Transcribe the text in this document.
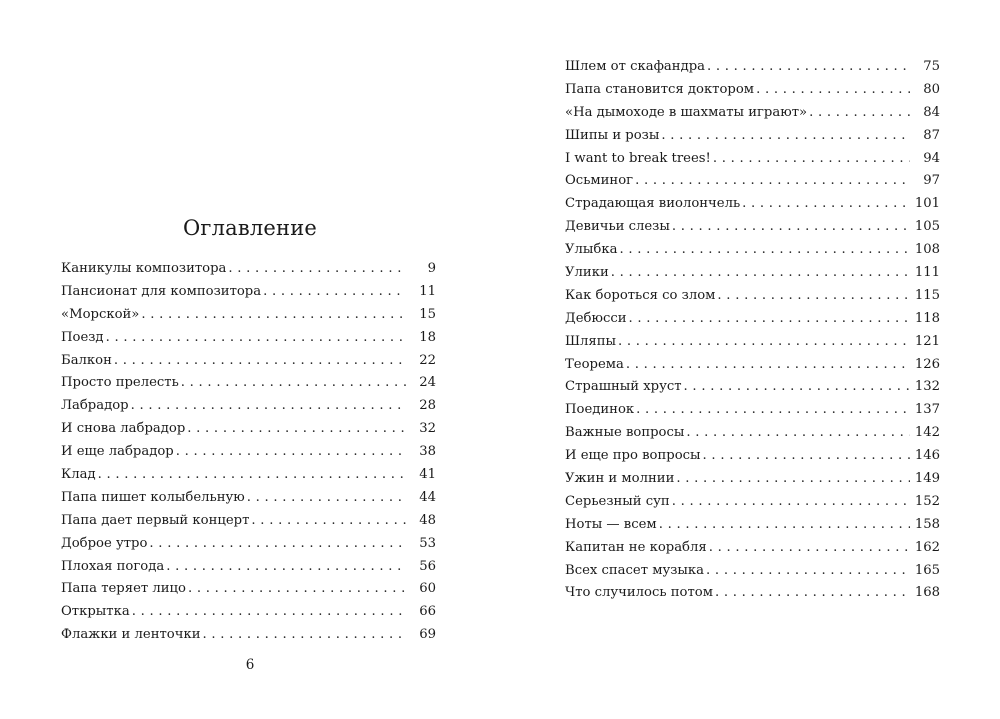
Оглавление
Каникулы композитора . . .	9
Пансионат для композитора . . .	11
«Морской» . . .	15
Поезд . . .	18
Балкон . . .	22
Просто прелесть . . .	24
Лабрадор . . .	28
И снова лабрадор . . .	32
И еще лабрадор . . .	38
Клад . . .	41
Папа пишет колыбельную . . .	44
Папа дает первый концерт . . .	48
Доброе утро . . .	53
Плохая погода . . .	56
Папа теряет лицо . . .	60
Открытка . . .	66
Флажки и ленточки . . .	69
6
Шлем от скафандра . . .	75
Папа становится доктором . . .	80
«На дымоходе в шахматы играют» . . .	84
Шипы и розы . . .	87
I want to break trees! . . .	94
Осьминог . . .	97
Страдающая виолончель . . .	101
Девичьи слезы . . .	105
Улыбка . . .	108
Улики . . .	111
Как бороться со злом . . .	115
Дебюсси . . .	118
Шляпы . . .	121
Теорема . . .	126
Страшный хруст . . .	132
Поединок . . .	137
Важные вопросы . . .	142
И еще про вопросы . . .	146
Ужин и молнии . . .	149
Серьезный суп . . .	152
Ноты — всем . . .	158
Капитан не корабля . . .	162
Всех спасет музыка . . .	165
Что случилось потом . . .	168
